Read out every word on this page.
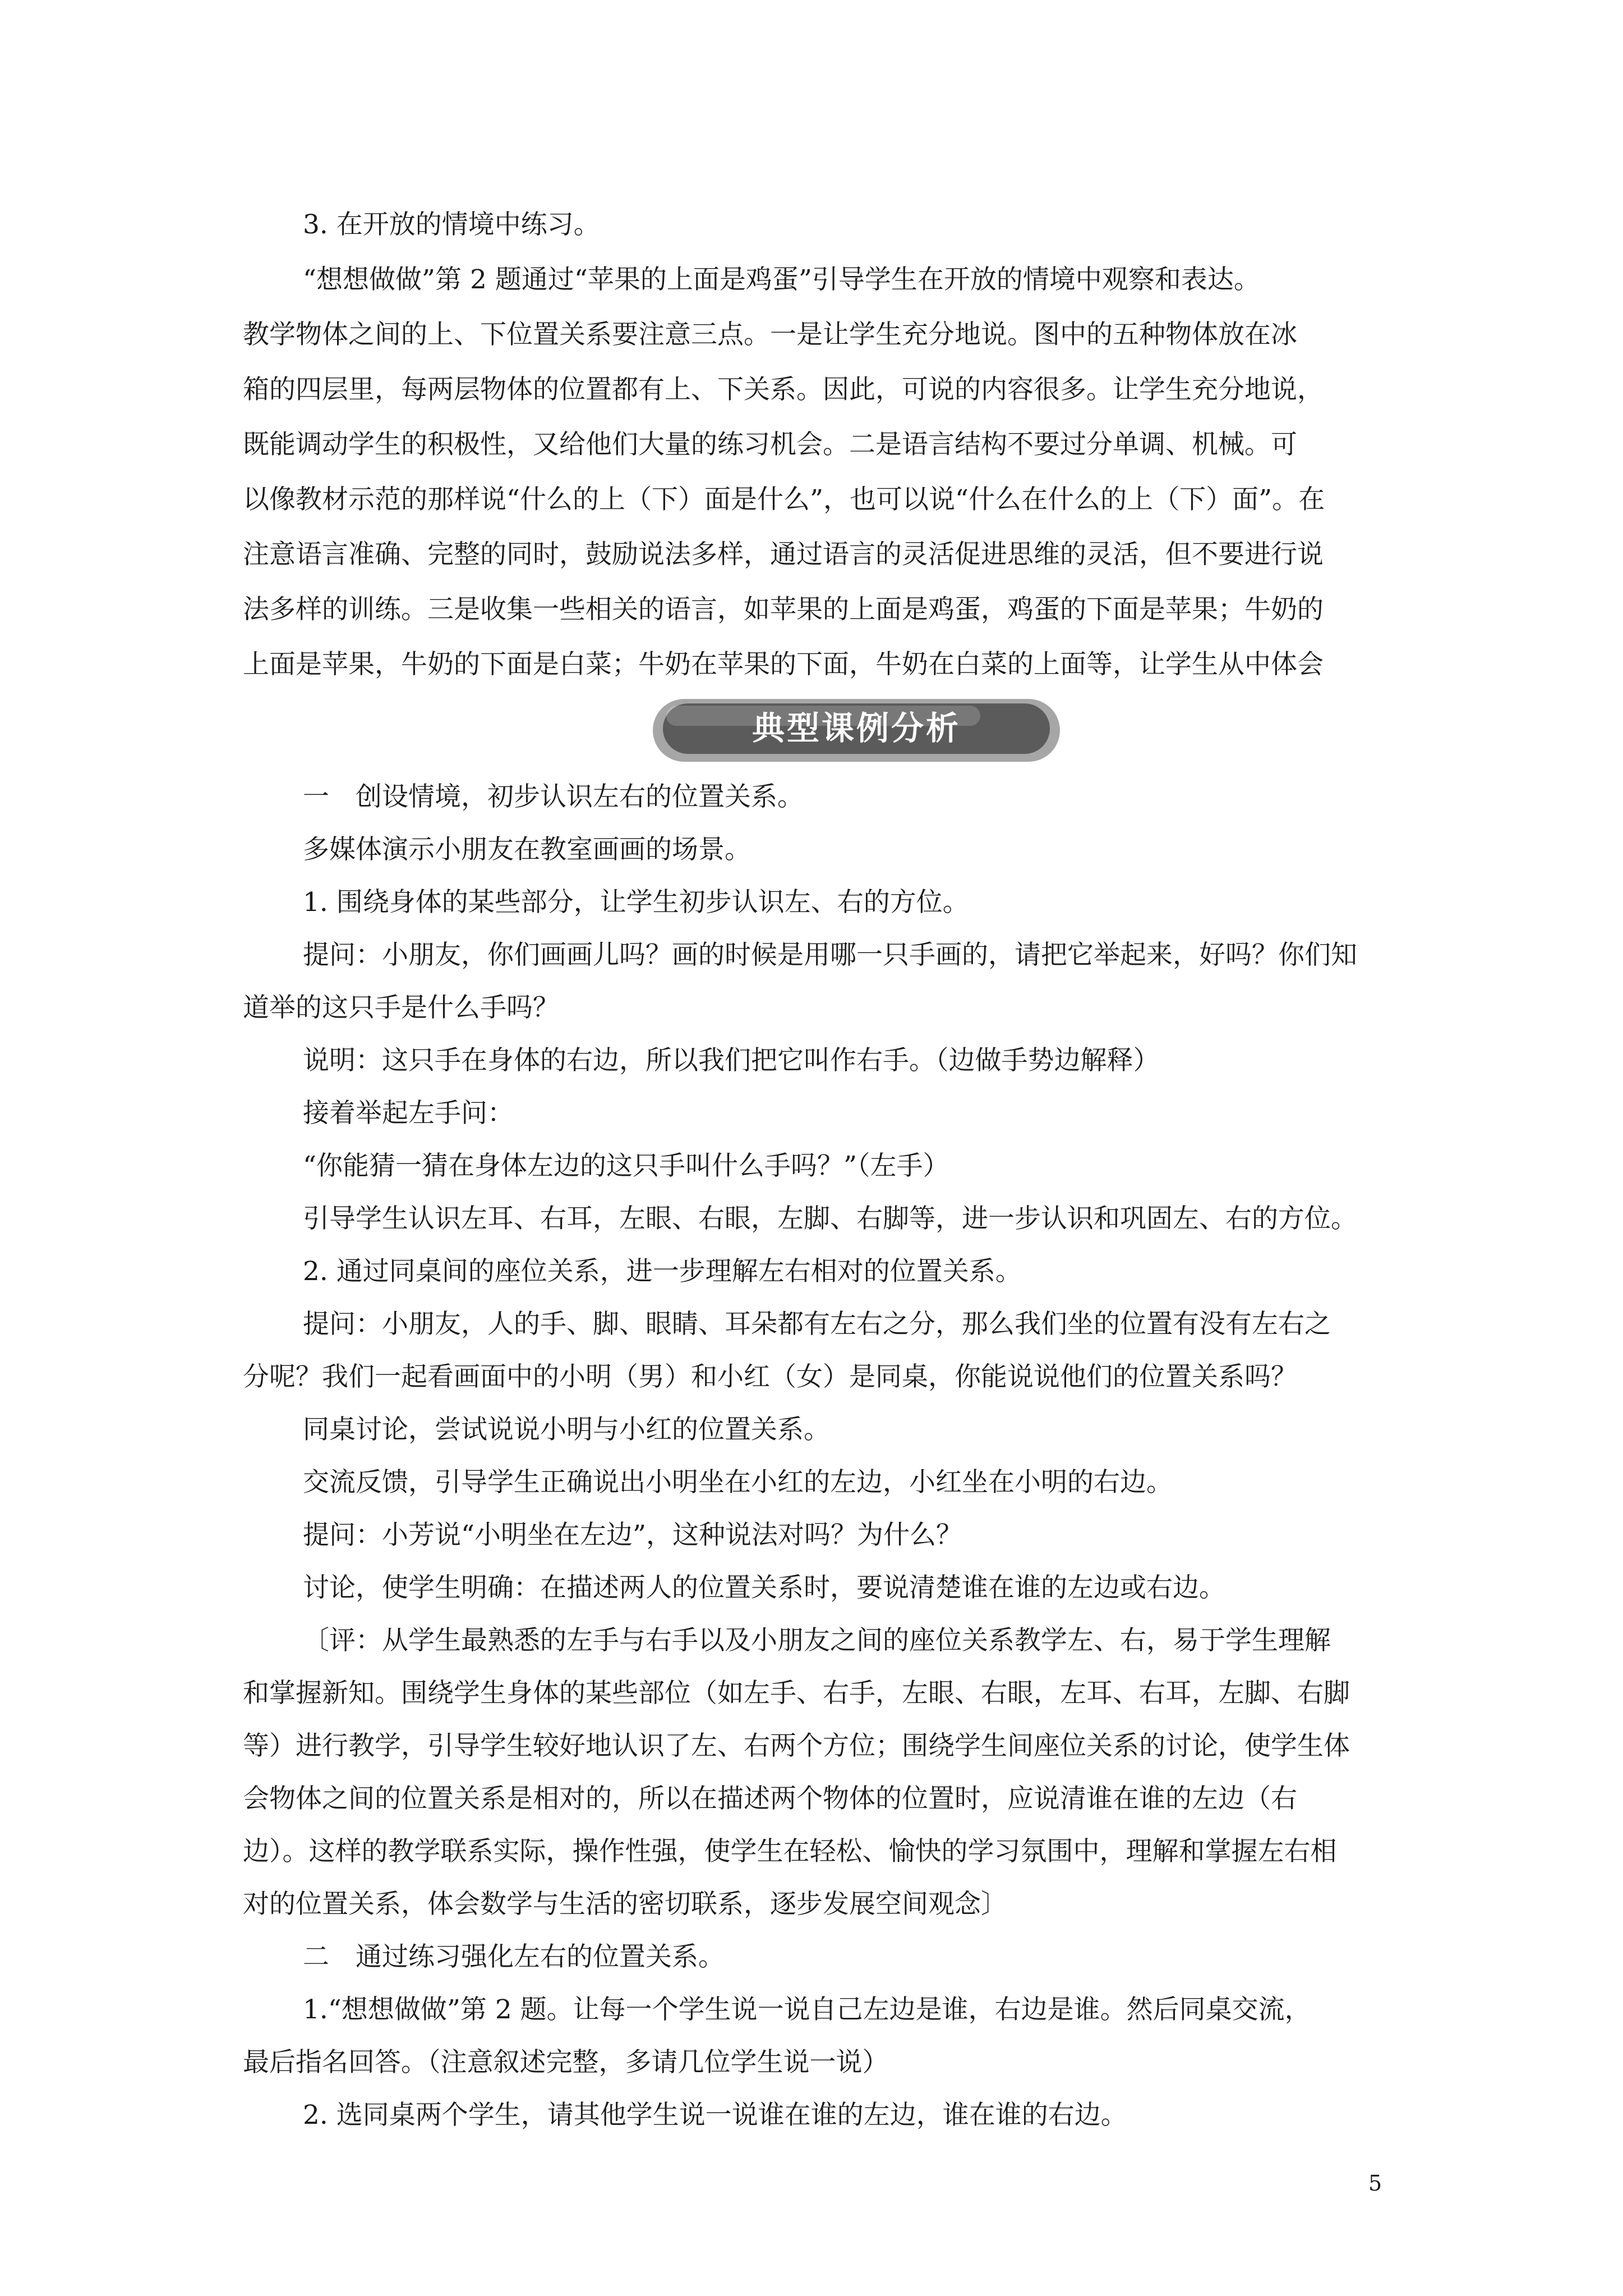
3. 在开放的情境中练习。

“想想做做”第 2 题通过“苹果的上面是鸡蛋”引导学生在开放的情境中观察和表达。

教学物体之间的上、下位置关系要注意三点。一是让学生充分地说。图中的五种物体放在冰

箱的四层里，每两层物体的位置都有上、下关系。因此，可说的内容很多。让学生充分地说，

既能调动学生的积极性，又给他们大量的练习机会。二是语言结构不要过分单调、机械。可

以像教材示范的那样说“什么的上（下）面是什么”，也可以说“什么在什么的上（下）面”。在

注意语言准确、完整的同时，鼓励说法多样，通过语言的灵活促进思维的灵活，但不要进行说

法多样的训练。三是收集一些相关的语言，如苹果的上面是鸡蛋，鸡蛋的下面是苹果；牛奶的

上面是苹果，牛奶的下面是白菜；牛奶在苹果的下面，牛奶在白菜的上面等，让学生从中体会

典型课例分析

一　创设情境，初步认识左右的位置关系。

多媒体演示小朋友在教室画画的场景。

1. 围绕身体的某些部分，让学生初步认识左、右的方位。

提问：小朋友，你们画画儿吗？画的时候是用哪一只手画的，请把它举起来，好吗？你们知

道举的这只手是什么手吗？

说明：这只手在身体的右边，所以我们把它叫作右手。（边做手势边解释）

接着举起左手问：

“你能猜一猜在身体左边的这只手叫什么手吗？”（左手）

引导学生认识左耳、右耳，左眼、右眼，左脚、右脚等，进一步认识和巩固左、右的方位。

2. 通过同桌间的座位关系，进一步理解左右相对的位置关系。

提问：小朋友，人的手、脚、眼睛、耳朵都有左右之分，那么我们坐的位置有没有左右之

分呢？我们一起看画面中的小明（男）和小红（女）是同桌，你能说说他们的位置关系吗？

同桌讨论，尝试说说小明与小红的位置关系。

交流反馈，引导学生正确说出小明坐在小红的左边，小红坐在小明的右边。

提问：小芳说“小明坐在左边”，这种说法对吗？为什么？

讨论，使学生明确：在描述两人的位置关系时，要说清楚谁在谁的左边或右边。

〔评：从学生最熟悉的左手与右手以及小朋友之间的座位关系教学左、右，易于学生理解

和掌握新知。围绕学生身体的某些部位（如左手、右手，左眼、右眼，左耳、右耳，左脚、右脚

等）进行教学，引导学生较好地认识了左、右两个方位；围绕学生间座位关系的讨论，使学生体

会物体之间的位置关系是相对的，所以在描述两个物体的位置时，应说清谁在谁的左边（右

边）。这样的教学联系实际，操作性强，使学生在轻松、愉快的学习氛围中，理解和掌握左右相

对的位置关系，体会数学与生活的密切联系，逐步发展空间观念〕

二　通过练习强化左右的位置关系。

1.“想想做做”第 2 题。让每一个学生说一说自己左边是谁，右边是谁。然后同桌交流，

最后指名回答。（注意叙述完整，多请几位学生说一说）

2. 选同桌两个学生，请其他学生说一说谁在谁的左边，谁在谁的右边。

5
